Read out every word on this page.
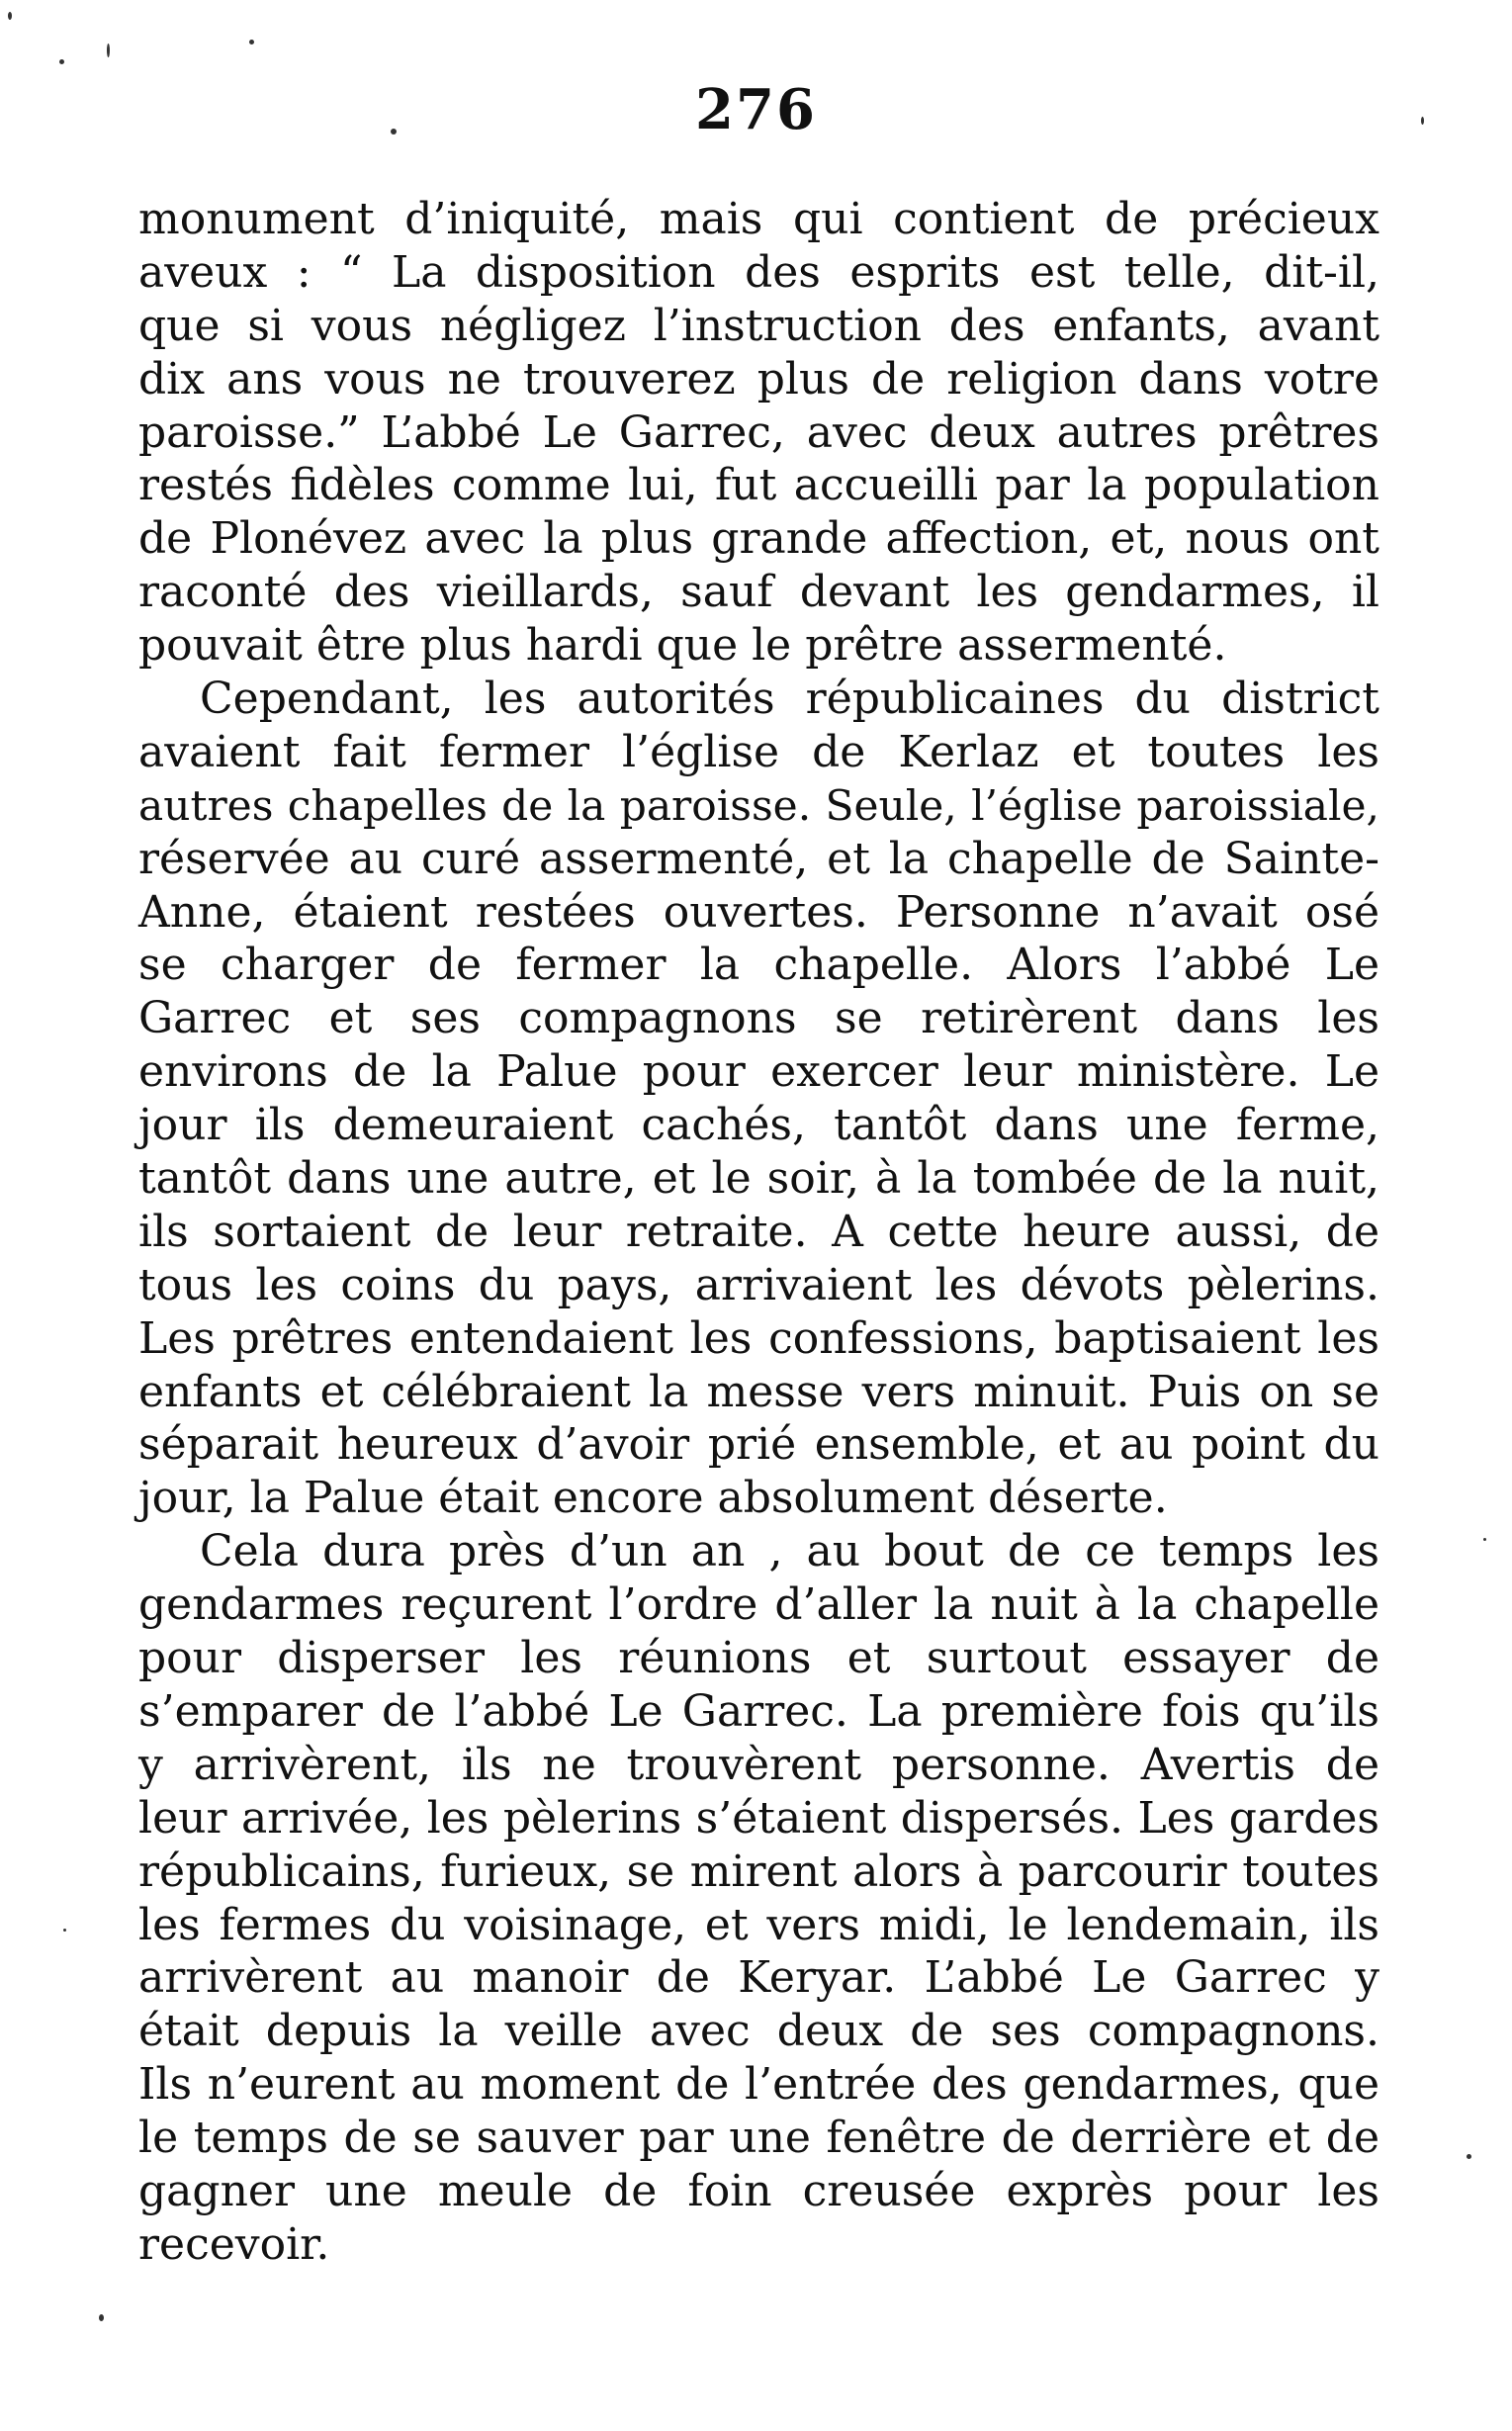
276
monument d’iniquité, mais qui contient de précieux
aveux : “ La disposition des esprits est telle, dit-il,
que si vous négligez l’instruction des enfants, avant
dix ans vous ne trouverez plus de religion dans votre
paroisse.” L’abbé Le Garrec, avec deux autres prêtres
restés fidèles comme lui, fut accueilli par la population
de Plonévez avec la plus grande affection, et, nous ont
raconté des vieillards, sauf devant les gendarmes, il
pouvait être plus hardi que le prêtre assermenté.
Cependant, les autorités républicaines du district
avaient fait fermer l’église de Kerlaz et toutes les
autres chapelles de la paroisse. Seule, l’église paroissiale,
réservée au curé assermenté, et la chapelle de Sainte-
Anne, étaient restées ouvertes. Personne n’avait osé
se charger de fermer la chapelle. Alors l’abbé Le
Garrec et ses compagnons se retirèrent dans les
environs de la Palue pour exercer leur ministère. Le
jour ils demeuraient cachés, tantôt dans une ferme,
tantôt dans une autre, et le soir, à la tombée de la nuit,
ils sortaient de leur retraite. A cette heure aussi, de
tous les coins du pays, arrivaient les dévots pèlerins.
Les prêtres entendaient les confessions, baptisaient les
enfants et célébraient la messe vers minuit. Puis on se
séparait heureux d’avoir prié ensemble, et au point du
jour, la Palue était encore absolument déserte.
Cela dura près d’un an , au bout de ce temps les
gendarmes reçurent l’ordre d’aller la nuit à la chapelle
pour disperser les réunions et surtout essayer de
s’emparer de l’abbé Le Garrec. La première fois qu’ils
y arrivèrent, ils ne trouvèrent personne. Avertis de
leur arrivée, les pèlerins s’étaient dispersés. Les gardes
républicains, furieux, se mirent alors à parcourir toutes
les fermes du voisinage, et vers midi, le lendemain, ils
arrivèrent au manoir de Keryar. L’abbé Le Garrec y
était depuis la veille avec deux de ses compagnons.
Ils n’eurent au moment de l’entrée des gendarmes, que
le temps de se sauver par une fenêtre de derrière et de
gagner une meule de foin creusée exprès pour les
recevoir.
